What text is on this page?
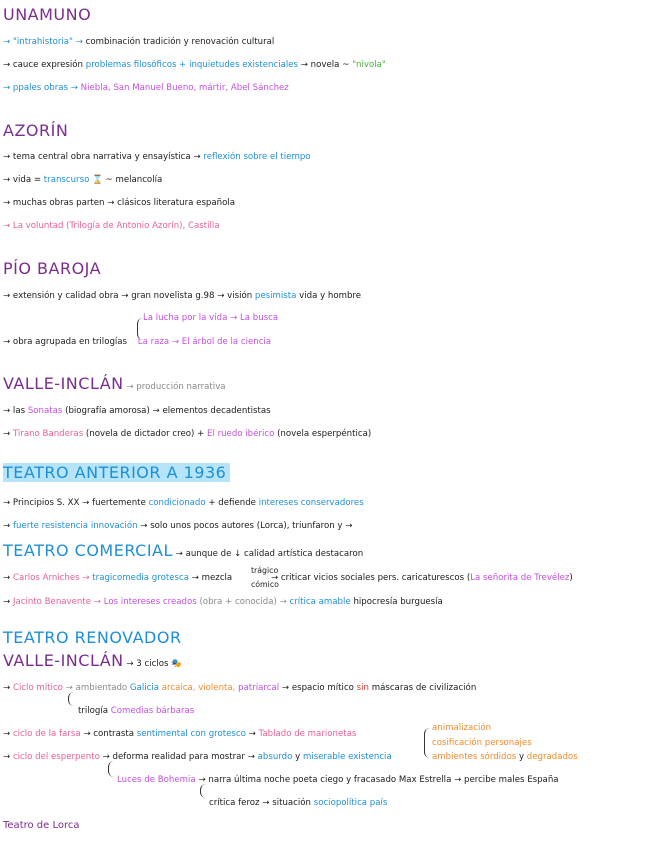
UNAMUNO
→ "intrahistoria" → combinación tradición y renovación cultural
→ cauce expresión problemas filosóficos + inquietudes existenciales → novela ~ "nivola"
→ ppales obras → Niebla, San Manuel Bueno, mártir, Abel Sánchez
AZORÍN
→ tema central obra narrativa y ensayística → reflexión sobre el tiempo
→ vida = transcurso ⌛ ~ melancolía
→ muchas obras parten → clásicos literatura española
→ La voluntad (Trilogía de Antonio Azorín), Castilla
PÍO BAROJA
→ extensión y calidad obra → gran novelista g.98 → visión pesimista vida y hombre
La lucha por la vida → La busca
→ obra agrupada en trilogías La raza → El árbol de la ciencia
VALLE-INCLÁN → producción narrativa
→ las Sonatas (biografía amorosa) → elementos decadentistas
→ Tirano Banderas (novela de dictador creo) + El ruedo ibérico (novela esperpéntica)
TEATRO ANTERIOR A 1936
→ Principios S. XX → fuertemente condicionado + defiende intereses conservadores
→ fuerte resistencia innovación → solo unos pocos autores (Lorca), triunfaron y →
TEATRO COMERCIAL → aunque de ↓ calidad artística destacaron
trágico
cómico
→ Carlos Arniches → tragicomedia grotesca → mezcla	→ criticar vicios sociales pers. caricaturescos (La señorita de Trevélez)
→ Jacinto Benavente → Los intereses creados (obra + conocida) → crítica amable hipocresía burguesía
TEATRO RENOVADOR
VALLE-INCLÁN → 3 ciclos 🎭
→ Ciclo mítico → ambientado Galicia arcaica, violenta, patriarcal → espacio mítico sin máscaras de civilización
trilogía Comedias bárbaras
→ ciclo de la farsa → contrasta sentimental con grotesco → Tablado de marionetas
animalización
cosificación personajes
ambientes sórdidos y degradados
→ ciclo del esperpento → deforma realidad para mostrar → absurdo y miserable existencia
Luces de Bohemia → narra última noche poeta ciego y fracasado Max Estrella → percibe males España
crítica feroz → situación sociopolítica país
Teatro de Lorca
